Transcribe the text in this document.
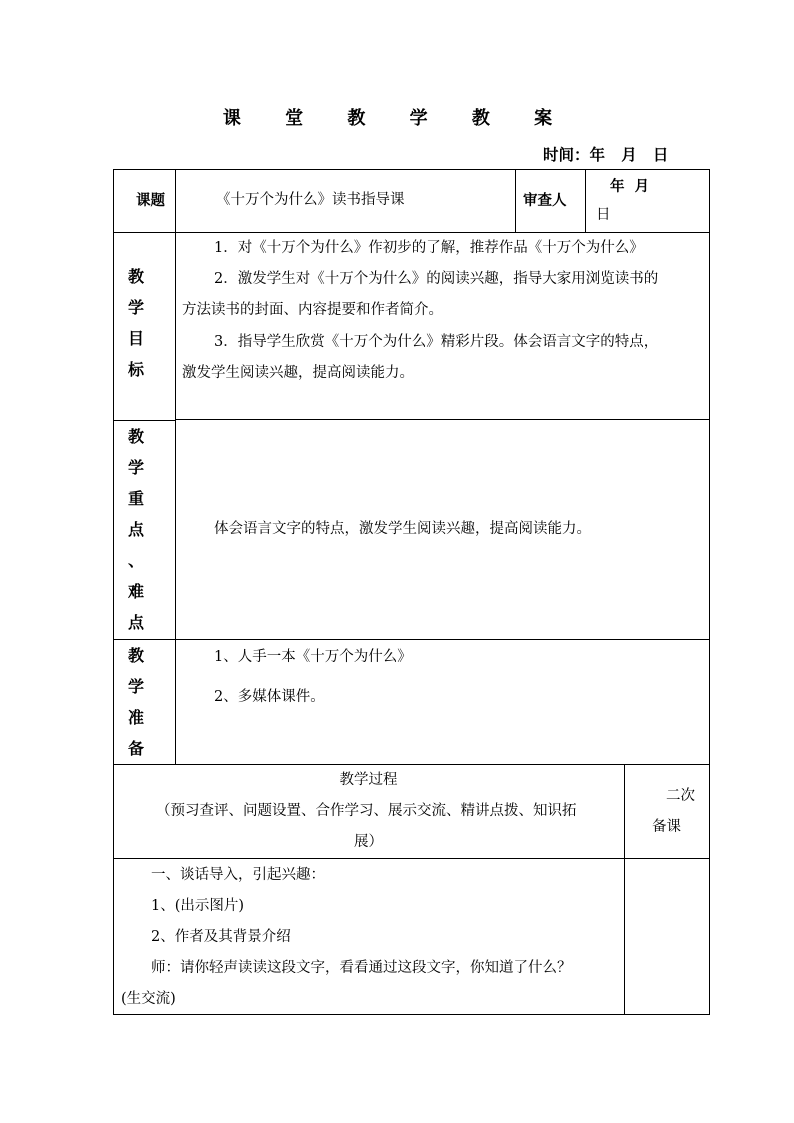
课 堂 教 学 教 案
时间：年   月   日
课题	《十万个为什么》读书指导课	审查人
年  月
日
教
学
目
标
1．对《十万个为什么》作初步的了解，推荐作品《十万个为什么》
2．激发学生对《十万个为什么》的阅读兴趣，指导大家用浏览读书的
方法读书的封面、内容提要和作者简介。
3．指导学生欣赏《十万个为什么》精彩片段。体会语言文字的特点，
激发学生阅读兴趣，提高阅读能力。
教
学
重
点
、
难
点
体会语言文字的特点，激发学生阅读兴趣，提高阅读能力。
教
学
准
备
1、人手一本《十万个为什么》
2、多媒体课件。
教学过程
（预习查评、问题设置、合作学习、展示交流、精讲点拨、知识拓
展）
二次
备课
一、谈话导入，引起兴趣：
1、(出示图片)
2、作者及其背景介绍
师：请你轻声读读这段文字，看看通过这段文字，你知道了什么？
(生交流)
